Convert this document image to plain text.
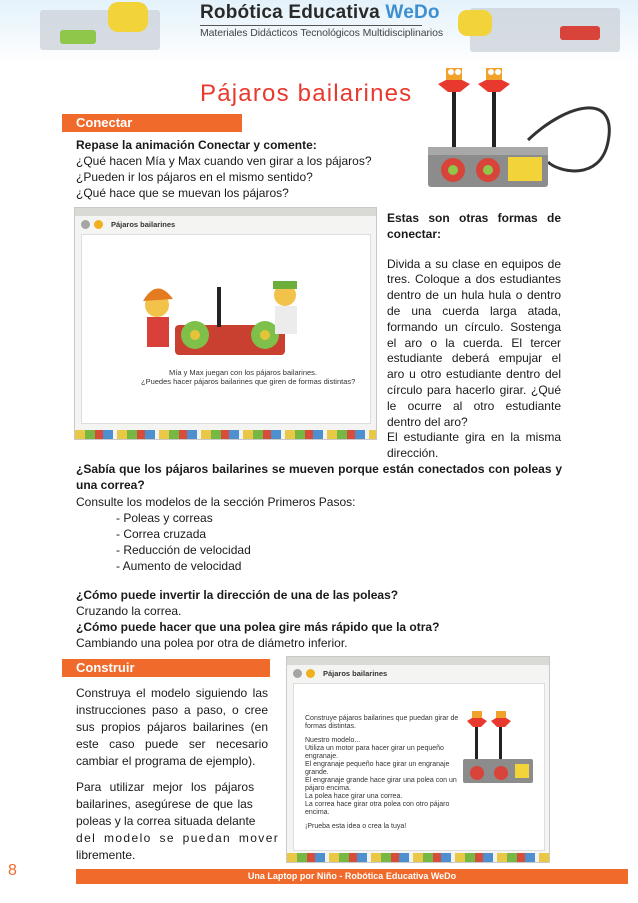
Robótica Educativa WeDo
Materiales Didácticos Tecnológicos Multidisciplinarios
Pájaros bailarines
Conectar
Repase la animación Conectar y comente:
¿Qué hacen Mía y Max cuando ven girar a los pájaros?
¿Pueden ir los pájaros en el mismo sentido?
¿Qué hace que se muevan los pájaros?
Pájaros bailarines
Mía y Max juegan con los pájaros bailarines.
¿Puedes hacer pájaros bailarines que giren de formas distintas?
Estas son otras formas de conectar:
Divida a su clase en equipos de tres. Coloque a dos estudiantes dentro de un hula hula o dentro de una cuerda larga atada, formando un círculo. Sostenga el aro o la cuerda. El tercer estudiante deberá empujar el aro u otro estudiante dentro del círculo para hacerlo girar. ¿Qué le ocurre al otro estudiante dentro del aro?
El estudiante gira en la misma dirección.
¿Sabía que los pájaros bailarines se mueven porque están conectados con poleas y una correa?
Consulte los modelos de la sección Primeros Pasos:
- Poleas y correas
- Correa cruzada
- Reducción de velocidad
- Aumento de velocidad
¿Cómo puede invertir la dirección de una de las poleas?
Cruzando la correa.
¿Cómo puede hacer que una polea gire más rápido que la otra?
Cambiando una polea por otra de diámetro inferior.
Construir
Construya el modelo siguiendo las instrucciones paso a paso, o cree sus propios pájaros bailarines (en este caso puede ser necesario cambiar el programa de ejemplo).
Para utilizar mejor los pájaros
bailarines, asegúrese de que las
poleas y la correa situada delante
del modelo se puedan mover
libremente.
Pájaros bailarines
Construye pájaros bailarines que puedan girar de
formas distintas.
Nuestro modelo...
Utiliza un motor para hacer girar un pequeño
engranaje.
El engranaje pequeño hace girar un engranaje
grande.
El engranaje grande hace girar una polea con un
pájaro encima.
La polea hace girar una correa.
La correa hace girar otra polea con otro pájaro
encima.
¡Prueba esta idea o crea la tuya!
8	Una Laptop por Niño - Robótica Educativa WeDo
